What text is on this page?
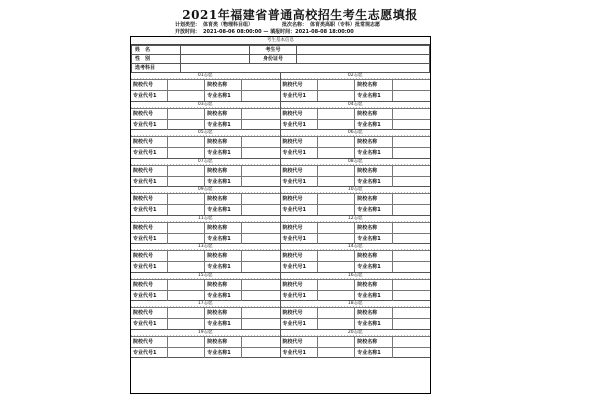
2021年福建省普通高校招生考生志愿填报
计划类型： 体育类（物理科目组）
开放时间： 2021-08-06 08:00:00 — 填报时间：2021-08-08 18:00:00
批次名称： 体育类高职（专科）批常规志愿
考生基本信息
姓　名		考生号	
性　别		身份证号	
选考科目			
01志愿
院校代号	院校名称
专业代号1	专业名称1
02志愿
院校代号	院校名称
专业代号1	专业名称1
03志愿
院校代号	院校名称
专业代号1	专业名称1
04志愿
院校代号	院校名称
专业代号1	专业名称1
05志愿
院校代号	院校名称
专业代号1	专业名称1
06志愿
院校代号	院校名称
专业代号1	专业名称1
07志愿
院校代号	院校名称
专业代号1	专业名称1
08志愿
院校代号	院校名称
专业代号1	专业名称1
09志愿
院校代号	院校名称
专业代号1	专业名称1
10志愿
院校代号	院校名称
专业代号1	专业名称1
11志愿
院校代号	院校名称
专业代号1	专业名称1
12志愿
院校代号	院校名称
专业代号1	专业名称1
13志愿
院校代号	院校名称
专业代号1	专业名称1
14志愿
院校代号	院校名称
专业代号1	专业名称1
15志愿
院校代号	院校名称
专业代号1	专业名称1
16志愿
院校代号	院校名称
专业代号1	专业名称1
17志愿
院校代号	院校名称
专业代号1	专业名称1
18志愿
院校代号	院校名称
专业代号1	专业名称1
19志愿
院校代号	院校名称
专业代号1	专业名称1
20志愿
院校代号	院校名称
专业代号1	专业名称1
